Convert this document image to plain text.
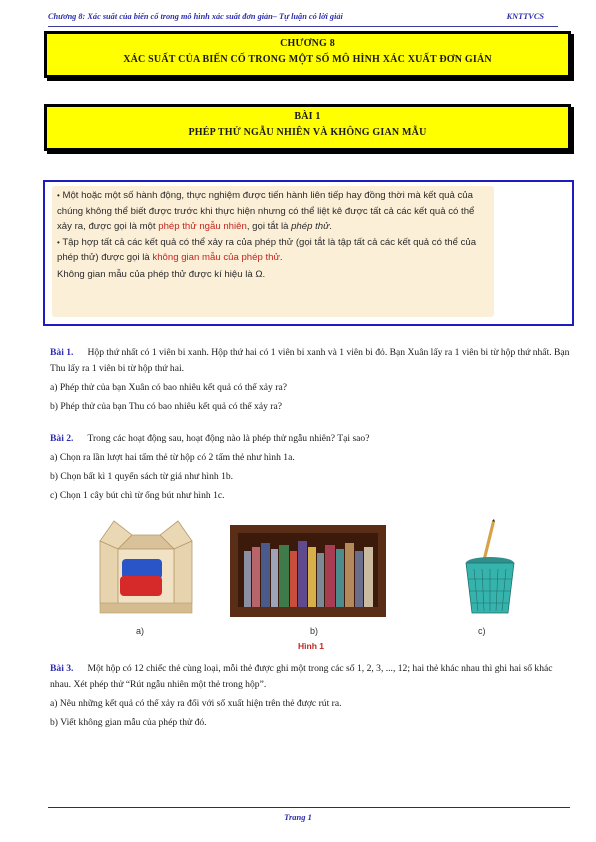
Chương 8: Xác suất của biến cố trong mô hình xác suất đơn giản– Tự luận có lời giải	KNTTVCS
CHƯƠNG 8
XÁC SUẤT CỦA BIẾN CỐ TRONG MỘT SỐ MÔ HÌNH XÁC XUẤT ĐƠN GIẢN
BÀI 1
PHÉP THỬ NGẪU NHIÊN VÀ KHÔNG GIAN MẪU

• Một hoặc một số hành động, thực nghiệm được tiến hành liên tiếp hay đồng thời mà kết quả của chúng không thể biết được trước khi thực hiện nhưng có thể liệt kê được tất cả các kết quả có thể xảy ra, được gọi là một phép thử ngẫu nhiên, gọi tắt là phép thử.

• Tập hợp tất cả các kết quả có thể xảy ra của phép thử (gọi tắt là tập tất cả các kết quả có thể của phép thử) được gọi là không gian mẫu của phép thử.

Không gian mẫu của phép thử được kí hiệu là Ω.

Bài 1. Hộp thứ nhất có 1 viên bi xanh. Hộp thứ hai có 1 viên bi xanh và 1 viên bi đỏ. Bạn Xuân lấy ra 1 viên bi từ hộp thứ nhất. Bạn Thu lấy ra 1 viên bi từ hộp thứ hai.

a) Phép thử của bạn Xuân có bao nhiêu kết quả có thể xảy ra?

b) Phép thử của bạn Thu có bao nhiêu kết quả có thể xảy ra?

Bài 2. Trong các hoạt động sau, hoạt động nào là phép thử ngẫu nhiên? Tại sao?

a) Chọn ra lần lượt hai tấm thẻ từ hộp có 2 tấm thẻ như hình 1a.

b) Chọn bất kì 1 quyển sách từ giá như hình 1b.

c) Chọn 1 cây bút chì từ ống bút như hình 1c.

a)	b)	c)
Hình 1

Bài 3. Một hộp có 12 chiếc thẻ cùng loại, mỗi thẻ được ghi một trong các số 1, 2, 3, ..., 12; hai thẻ khác nhau thì ghi hai số khác nhau. Xét phép thử “Rút ngẫu nhiên một thẻ trong hộp”.

a) Nêu những kết quả có thể xảy ra đối với số xuất hiện trên thẻ được rút ra.

b) Viết không gian mẫu của phép thử đó.

Trang 1
